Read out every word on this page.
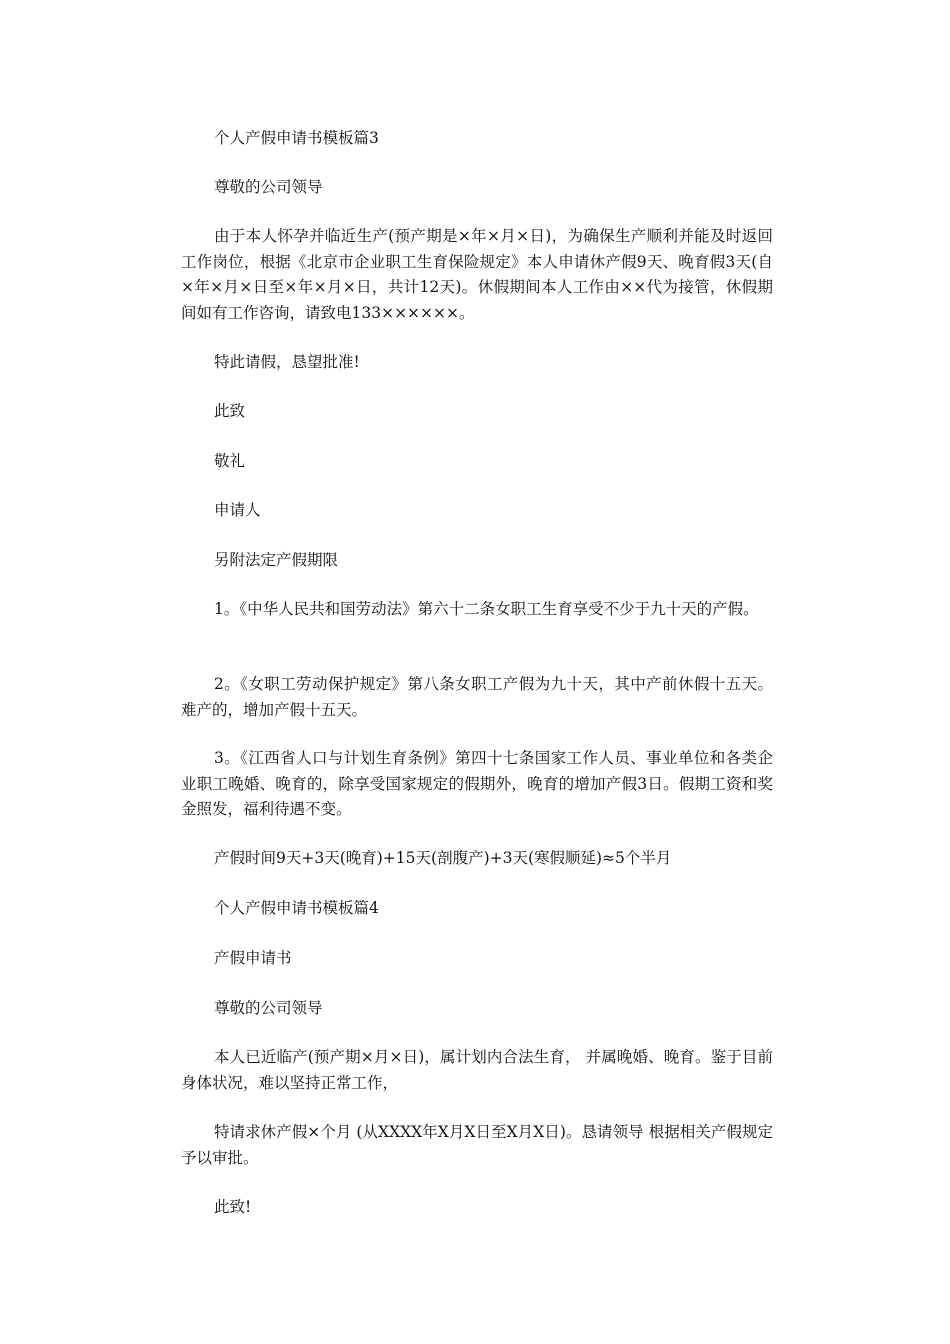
个人产假申请书模板篇3

尊敬的公司领导

由于本人怀孕并临近生产(预产期是×年×月×日)，为确保生产顺利并能及时返回工作岗位，根据《北京市企业职工生育保险规定》本人申请休产假9天、晚育假3天(自×年×月×日至×年×月×日，共计12天)。休假期间本人工作由××代为接管，休假期间如有工作咨询，请致电133××××××。

特此请假，恳望批准!

此致

敬礼

申请人

另附法定产假期限

1。《中华人民共和国劳动法》第六十二条女职工生育享受不少于九十天的产假。

2。《女职工劳动保护规定》第八条女职工产假为九十天，其中产前休假十五天。难产的，增加产假十五天。

3。《江西省人口与计划生育条例》第四十七条国家工作人员、事业单位和各类企业职工晚婚、晚育的，除享受国家规定的假期外，晚育的增加产假3日。假期工资和奖金照发，福利待遇不变。

产假时间9天+3天(晚育)+15天(剖腹产)+3天(寒假顺延)≈5个半月

个人产假申请书模板篇4

产假申请书

尊敬的公司领导

本人已近临产(预产期×月×日)，属计划内合法生育， 并属晚婚、晚育。鉴于目前身体状况，难以坚持正常工作，

特请求休产假×个月 (从XXXX年X月X日至X月X日)。恳请领导 根据相关产假规定予以审批。

此致!
